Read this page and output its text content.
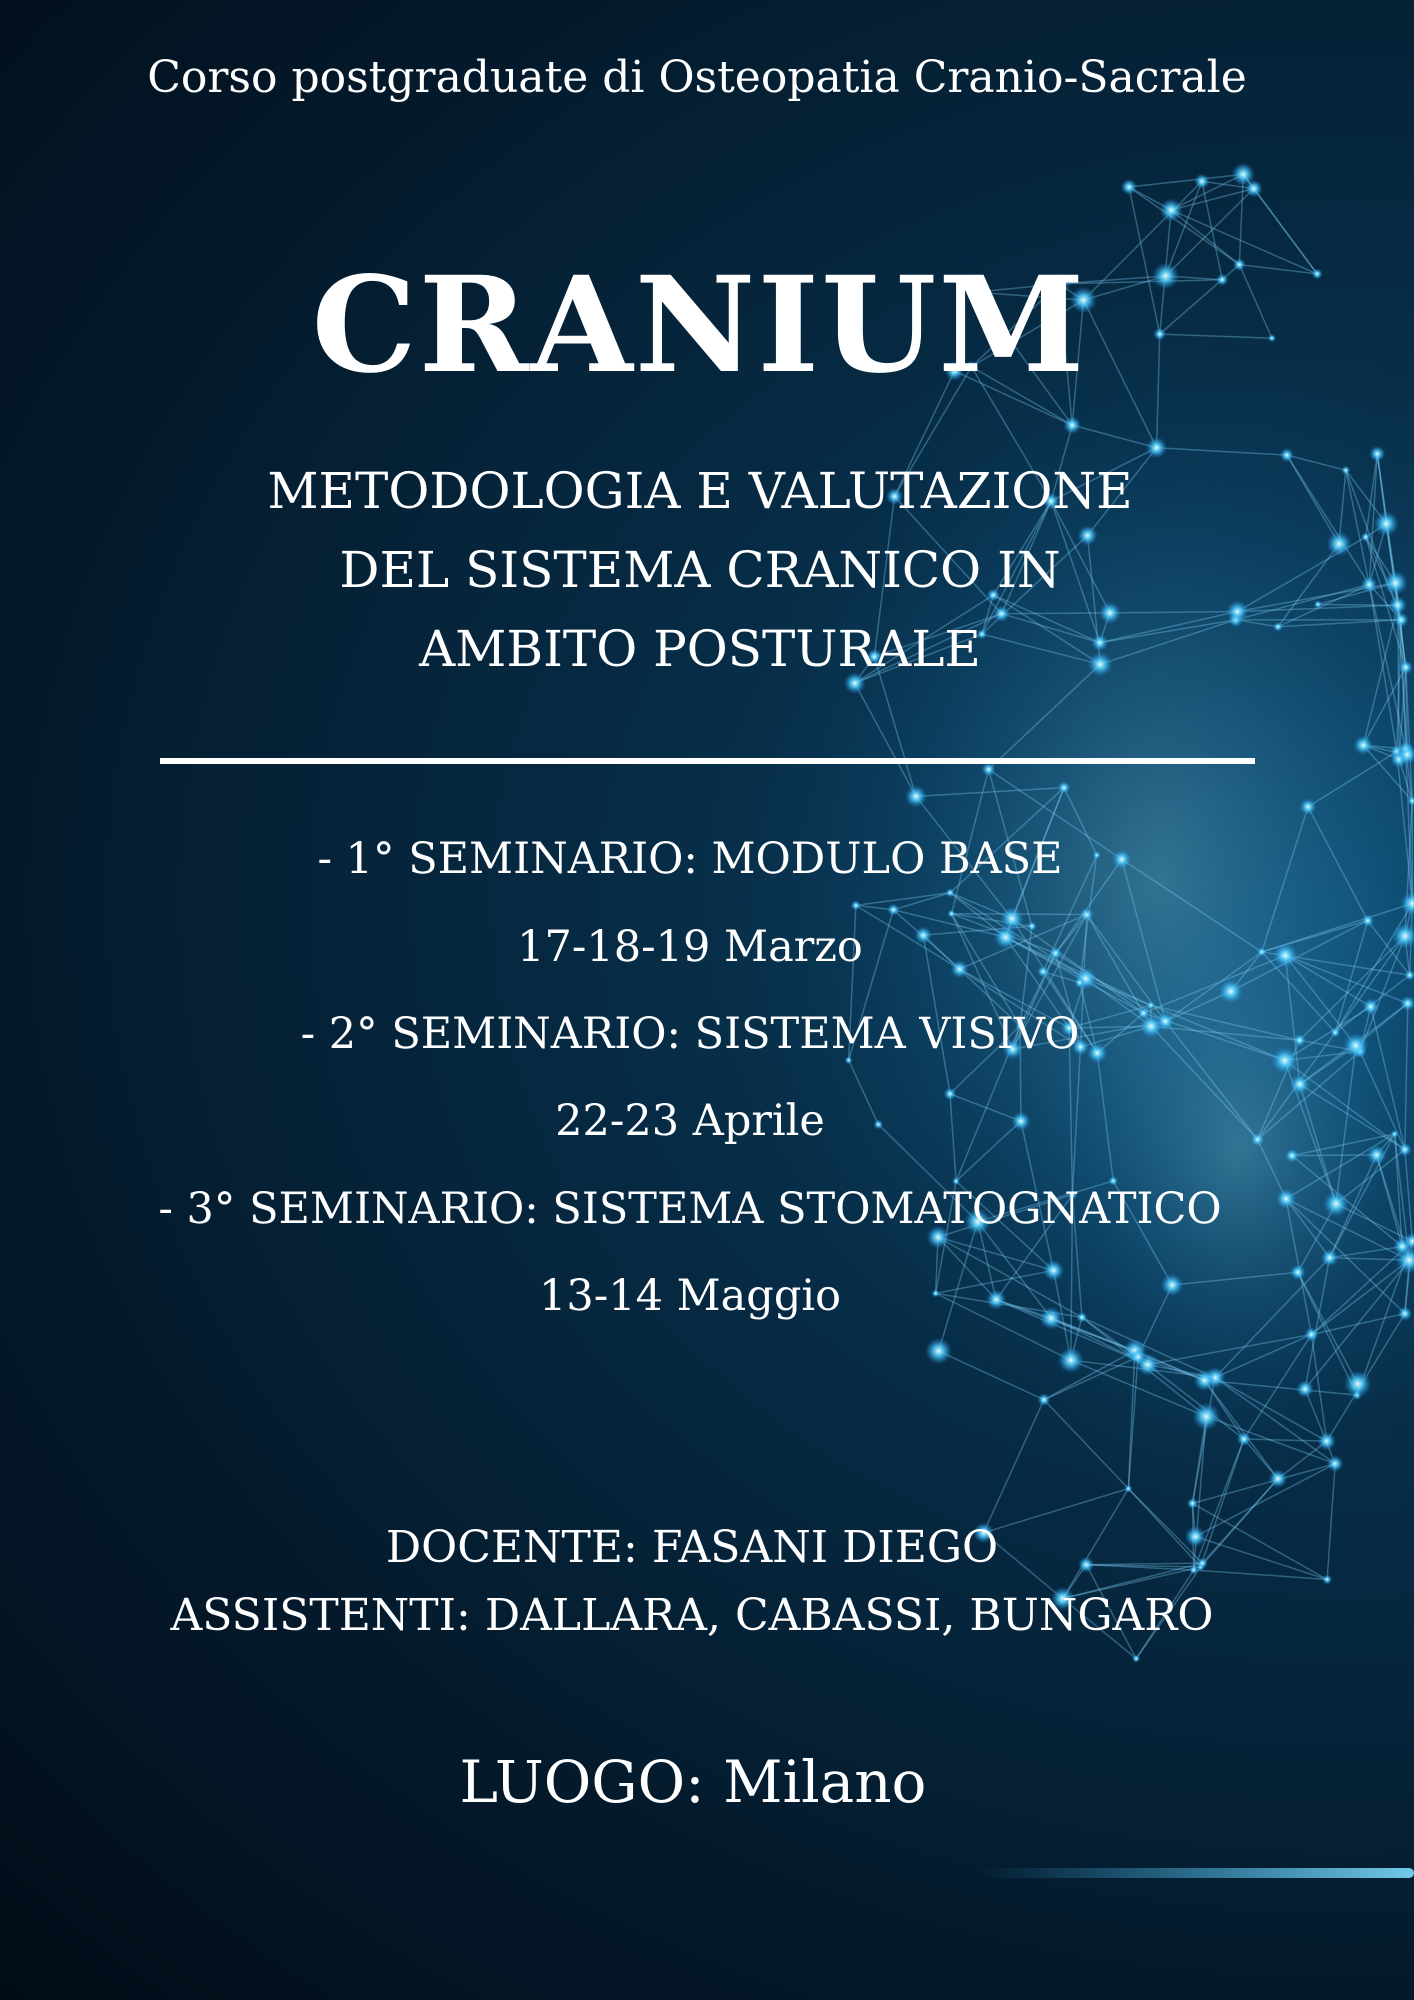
Corso postgraduate di Osteopatia Cranio-Sacrale
CRANIUM
METODOLOGIA E VALUTAZIONE
DEL SISTEMA CRANICO IN
AMBITO POSTURALE
- 1° SEMINARIO: MODULO BASE
17-18-19 Marzo
- 2° SEMINARIO: SISTEMA VISIVO
22-23 Aprile
- 3° SEMINARIO: SISTEMA STOMATOGNATICO
13-14 Maggio
DOCENTE: FASANI DIEGO
ASSISTENTI: DALLARA, CABASSI, BUNGARO
LUOGO: Milano
